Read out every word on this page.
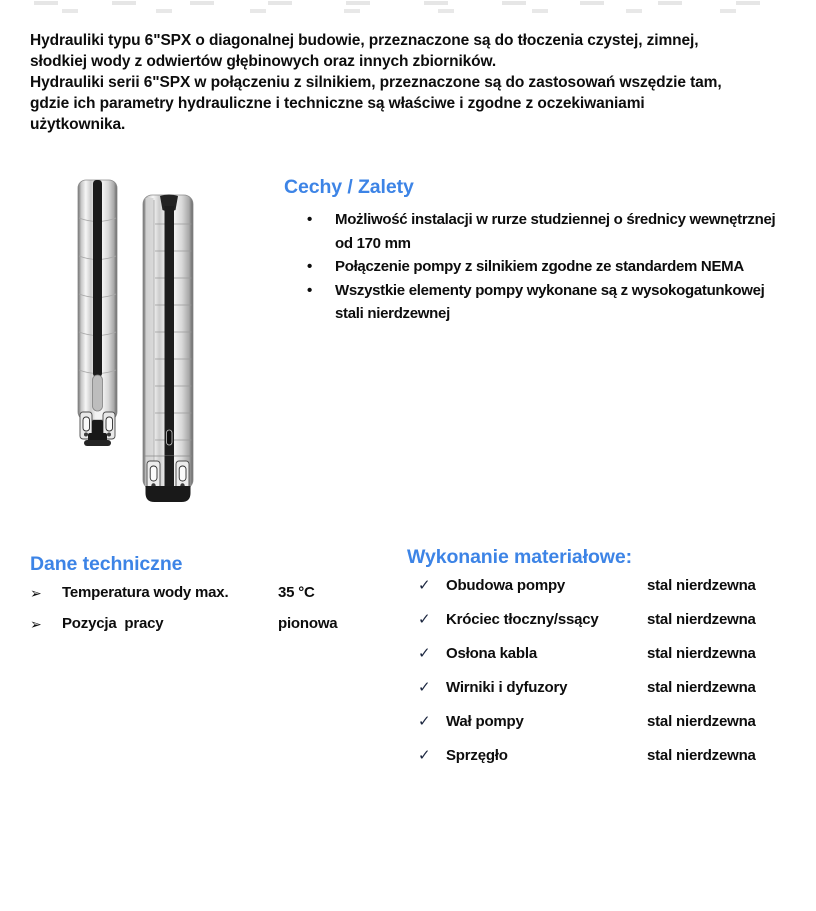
Hydrauliki typu 6"SPX o diagonalnej budowie, przeznaczone są do tłoczenia czystej, zimnej,
słodkiej wody z odwiertów głębinowych oraz innych zbiorników.
Hydrauliki serii 6"SPX w połączeniu z silnikiem, przeznaczone są do zastosowań wszędzie tam,
gdzie ich parametry hydrauliczne i techniczne są właściwe i zgodne z oczekiwaniami
użytkownika.
Cechy / Zalety
•	Możliwość instalacji w rurze studziennej o średnicy wewnętrznej
od 170 mm
•	Połączenie pompy z silnikiem zgodne ze standardem NEMA
•	Wszystkie elementy pompy wykonane są z wysokogatunkowej
stali nierdzewnej
Dane techniczne
➢	Temperatura wody max.	35 °C
➢	Pozycja  pracy	pionowa
Wykonanie materiałowe:
✓	Obudowa pompy	stal nierdzewna
✓	Króciec tłoczny/ssący	stal nierdzewna
✓	Osłona kabla	stal nierdzewna
✓	Wirniki i dyfuzory	stal nierdzewna
✓	Wał pompy	stal nierdzewna
✓	Sprzęgło	stal nierdzewna
